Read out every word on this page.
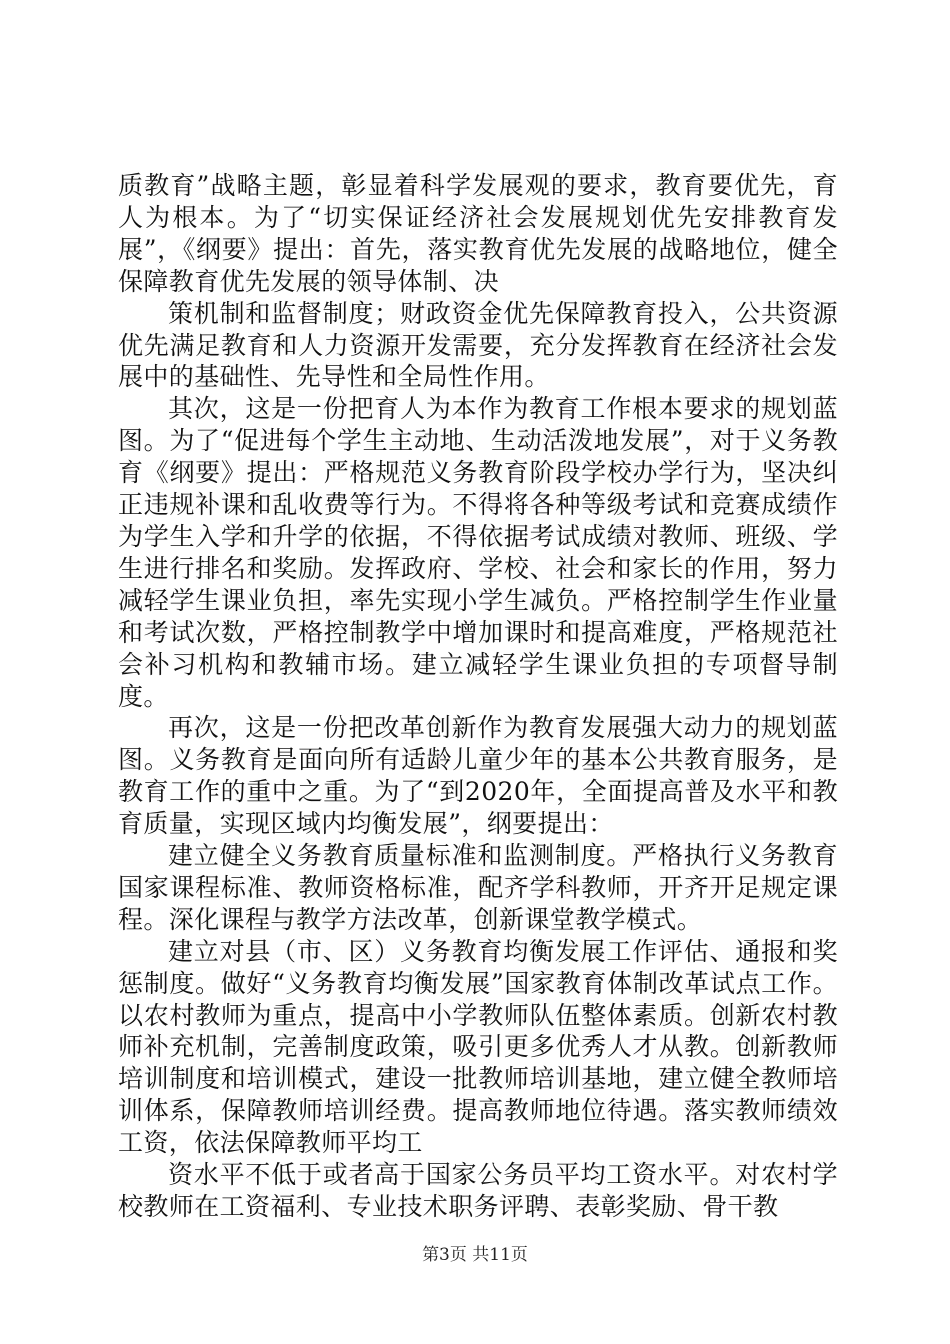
质教育”战略主题，彰显着科学发展观的要求，教育要优先，育人为根本。为了“切实保证经济社会发展规划优先安排教育发展”，《纲要》提出：首先，落实教育优先发展的战略地位，健全保障教育优先发展的领导体制、决

策机制和监督制度；财政资金优先保障教育投入，公共资源优先满足教育和人力资源开发需要，充分发挥教育在经济社会发展中的基础性、先导性和全局性作用。

其次，这是一份把育人为本作为教育工作根本要求的规划蓝图。为了“促进每个学生主动地、生动活泼地发展”，对于义务教育《纲要》提出：严格规范义务教育阶段学校办学行为，坚决纠正违规补课和乱收费等行为。不得将各种等级考试和竞赛成绩作为学生入学和升学的依据，不得依据考试成绩对教师、班级、学生进行排名和奖励。发挥政府、学校、社会和家长的作用，努力减轻学生课业负担，率先实现小学生减负。严格控制学生作业量和考试次数，严格控制教学中增加课时和提高难度，严格规范社会补习机构和教辅市场。建立减轻学生课业负担的专项督导制度。

再次，这是一份把改革创新作为教育发展强大动力的规划蓝图。义务教育是面向所有适龄儿童少年的基本公共教育服务，是教育工作的重中之重。为了“到2020年，全面提高普及水平和教育质量，实现区域内均衡发展”，纲要提出：

建立健全义务教育质量标准和监测制度。严格执行义务教育国家课程标准、教师资格标准，配齐学科教师，开齐开足规定课程。深化课程与教学方法改革，创新课堂教学模式。

建立对县（市、区）义务教育均衡发展工作评估、通报和奖惩制度。做好“义务教育均衡发展”国家教育体制改革试点工作。以农村教师为重点，提高中小学教师队伍整体素质。创新农村教师补充机制，完善制度政策，吸引更多优秀人才从教。创新教师培训制度和培训模式，建设一批教师培训基地，建立健全教师培训体系，保障教师培训经费。提高教师地位待遇。落实教师绩效工资，依法保障教师平均工

资水平不低于或者高于国家公务员平均工资水平。对农村学校教师在工资福利、专业技术职务评聘、表彰奖励、骨干教

第3页 共11页
